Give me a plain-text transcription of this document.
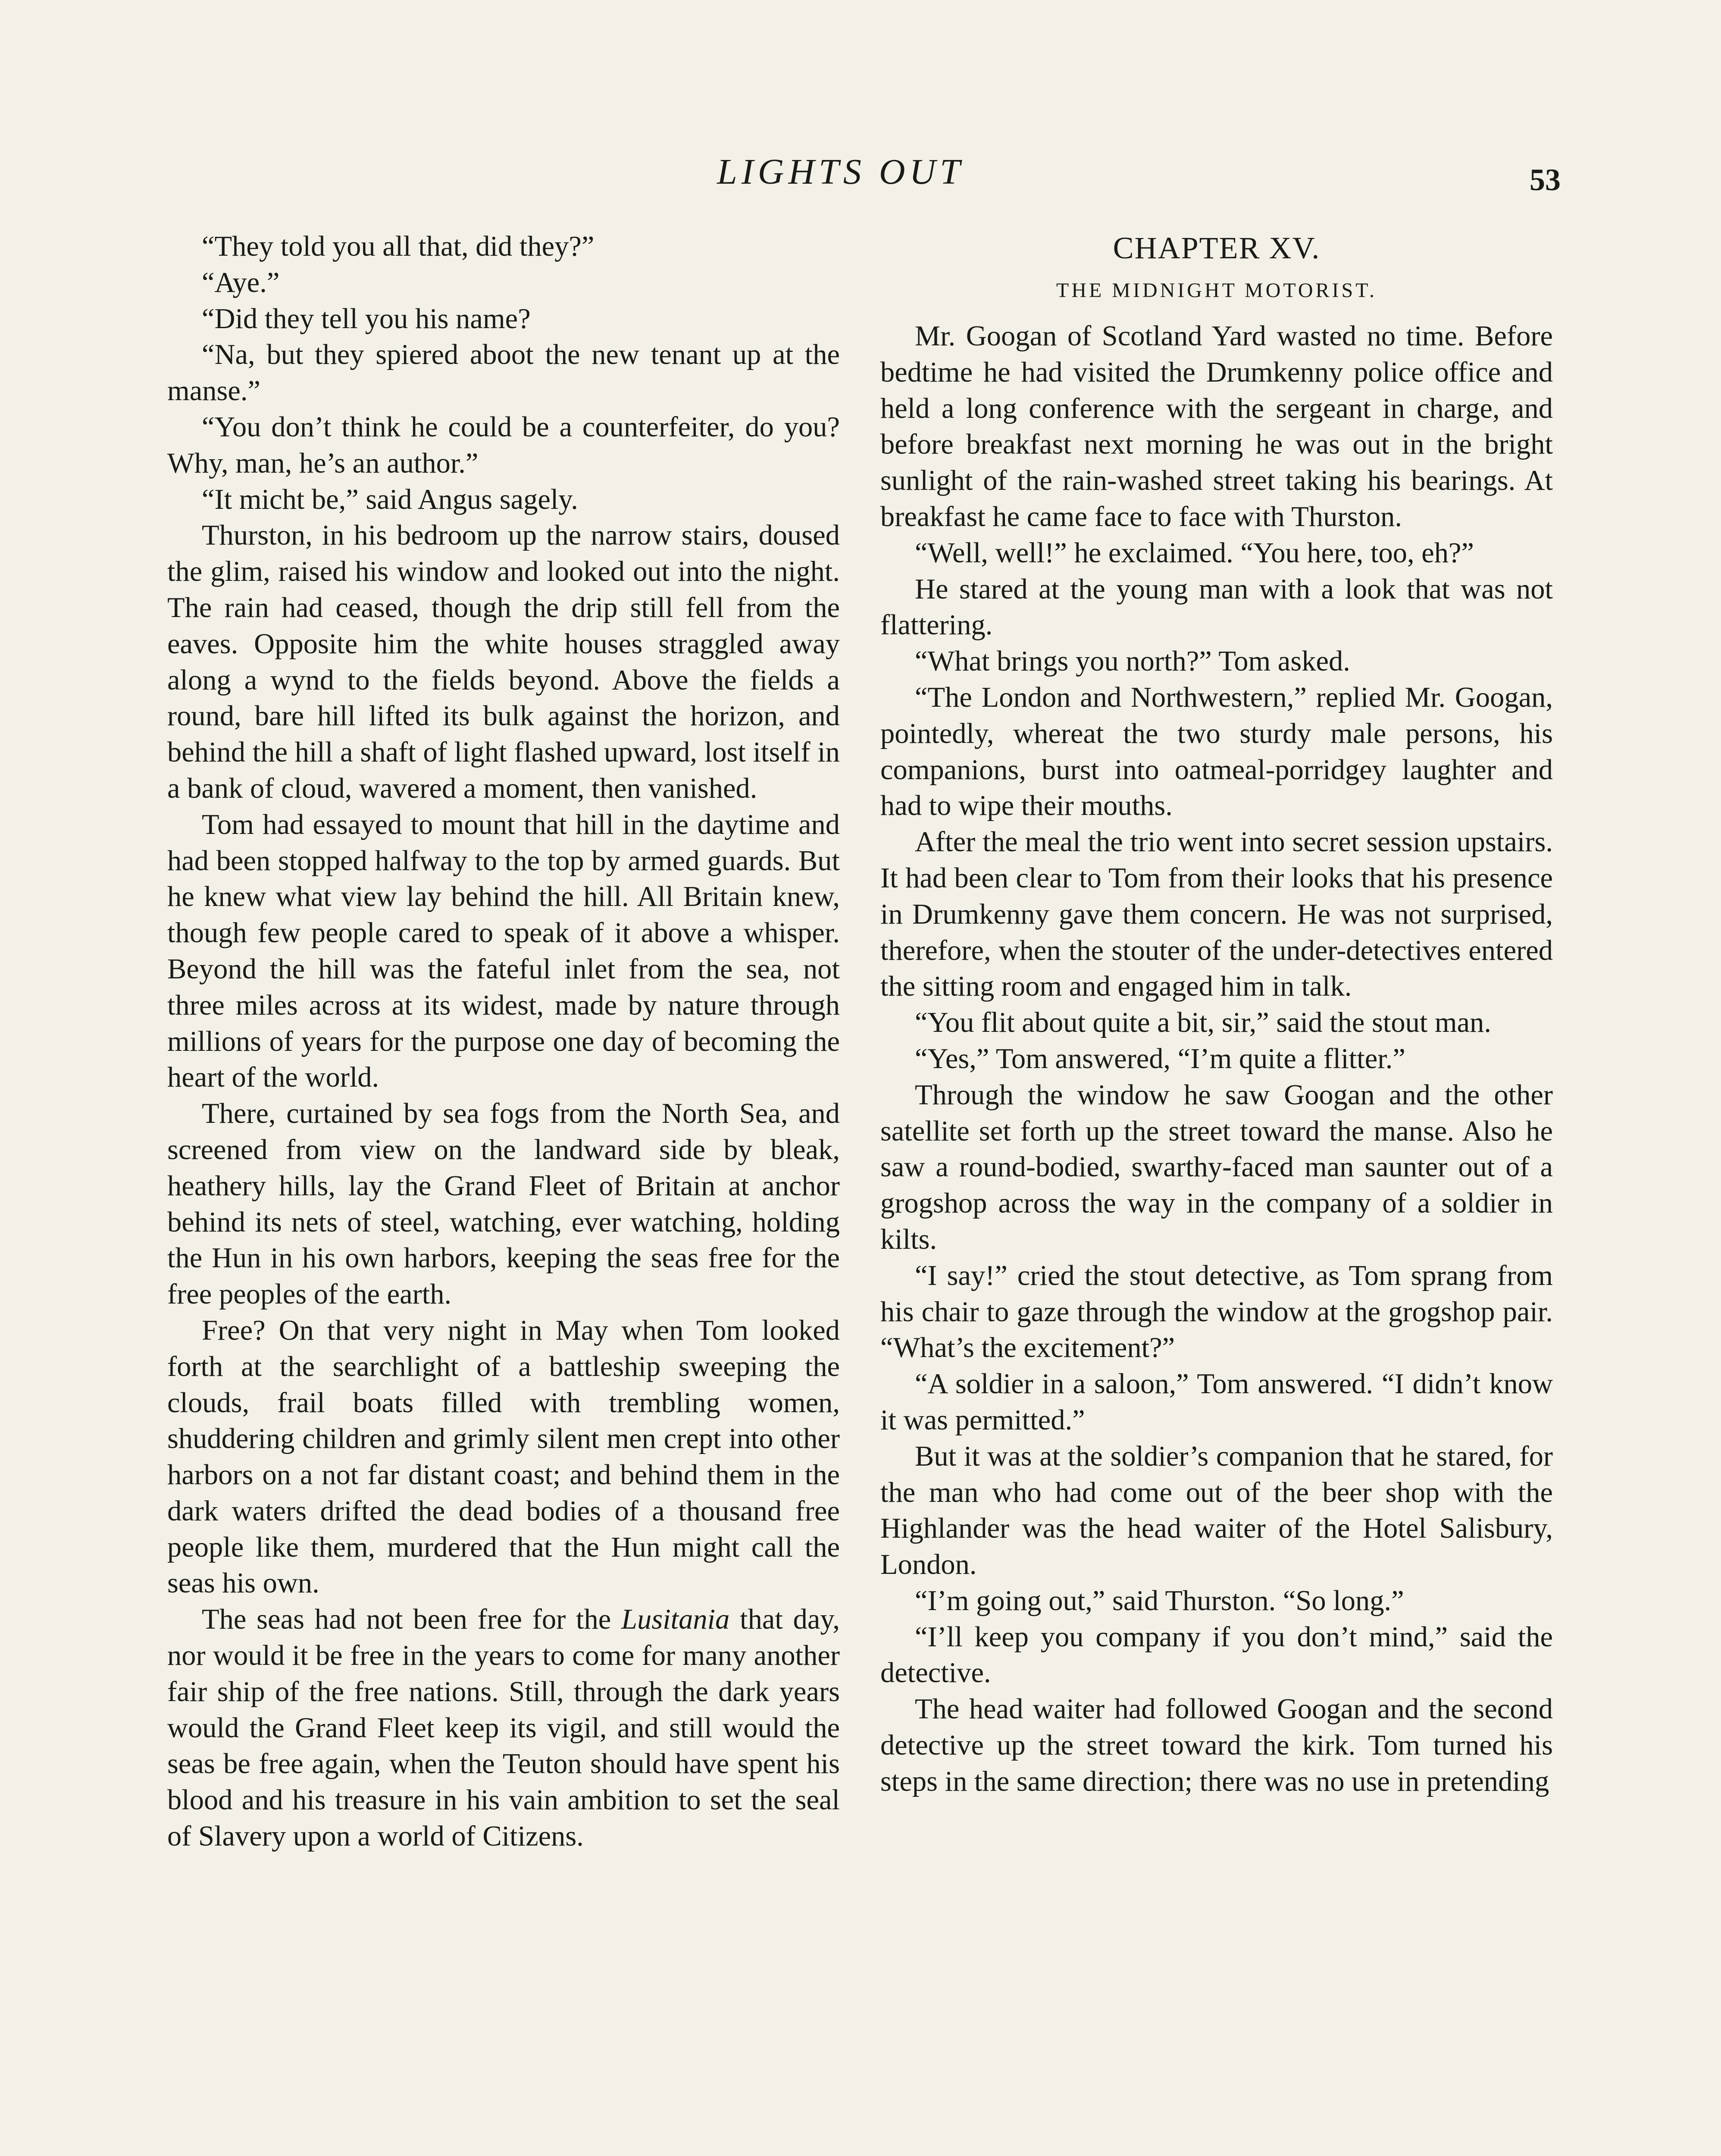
LIGHTS OUT	53

“They told you all that, did they?”

“Aye.”

“Did they tell you his name?

“Na, but they spiered aboot the new tenant up at the manse.”

“You don’t think he could be a counterfeiter, do you? Why, man, he’s an author.”

“It micht be,” said Angus sagely.

Thurston, in his bedroom up the narrow stairs, doused the glim, raised his window and looked out into the night. The rain had ceased, though the drip still fell from the eaves. Opposite him the white houses straggled away along a wynd to the fields beyond. Above the fields a round, bare hill lifted its bulk against the horizon, and behind the hill a shaft of light flashed upward, lost itself in a bank of cloud, wavered a moment, then vanished.

Tom had essayed to mount that hill in the daytime and had been stopped halfway to the top by armed guards. But he knew what view lay behind the hill. All Britain knew, though few people cared to speak of it above a whisper. Beyond the hill was the fateful inlet from the sea, not three miles across at its widest, made by nature through millions of years for the purpose one day of becoming the heart of the world.

There, curtained by sea fogs from the North Sea, and screened from view on the landward side by bleak, heathery hills, lay the Grand Fleet of Britain at anchor behind its nets of steel, watching, ever watching, holding the Hun in his own harbors, keeping the seas free for the free peoples of the earth.

Free? On that very night in May when Tom looked forth at the searchlight of a battleship sweeping the clouds, frail boats filled with trembling women, shuddering children and grimly silent men crept into other harbors on a not far distant coast; and behind them in the dark waters drifted the dead bodies of a thousand free people like them, murdered that the Hun might call the seas his own.

The seas had not been free for the Lusitania that day, nor would it be free in the years to come for many another fair ship of the free nations. Still, through the dark years would the Grand Fleet keep its vigil, and still would the seas be free again, when the Teuton should have spent his blood and his treasure in his vain ambition to set the seal of Slavery upon a world of Citizens.

CHAPTER XV.
THE MIDNIGHT MOTORIST.

Mr. Googan of Scotland Yard wasted no time. Before bedtime he had visited the Drumkenny police office and held a long conference with the sergeant in charge, and before breakfast next morning he was out in the bright sunlight of the rain-washed street taking his bearings. At breakfast he came face to face with Thurston.

“Well, well!” he exclaimed. “You here, too, eh?”

He stared at the young man with a look that was not flattering.

“What brings you north?” Tom asked.

“The London and Northwestern,” replied Mr. Googan, pointedly, whereat the two sturdy male persons, his companions, burst into oatmeal-porridgey laughter and had to wipe their mouths.

After the meal the trio went into secret session upstairs. It had been clear to Tom from their looks that his presence in Drumkenny gave them concern. He was not surprised, therefore, when the stouter of the under-detectives entered the sitting room and engaged him in talk.

“You flit about quite a bit, sir,” said the stout man.

“Yes,” Tom answered, “I’m quite a flitter.”

Through the window he saw Googan and the other satellite set forth up the street toward the manse. Also he saw a round-bodied, swarthy-faced man saunter out of a grogshop across the way in the company of a soldier in kilts.

“I say!” cried the stout detective, as Tom sprang from his chair to gaze through the window at the grogshop pair. “What’s the excitement?”

“A soldier in a saloon,” Tom answered. “I didn’t know it was permitted.”

But it was at the soldier’s companion that he stared, for the man who had come out of the beer shop with the Highlander was the head waiter of the Hotel Salisbury, London.

“I’m going out,” said Thurston. “So long.”

“I’ll keep you company if you don’t mind,” said the detective.

The head waiter had followed Googan and the second detective up the street toward the kirk. Tom turned his steps in the same direction; there was no use in pretending
